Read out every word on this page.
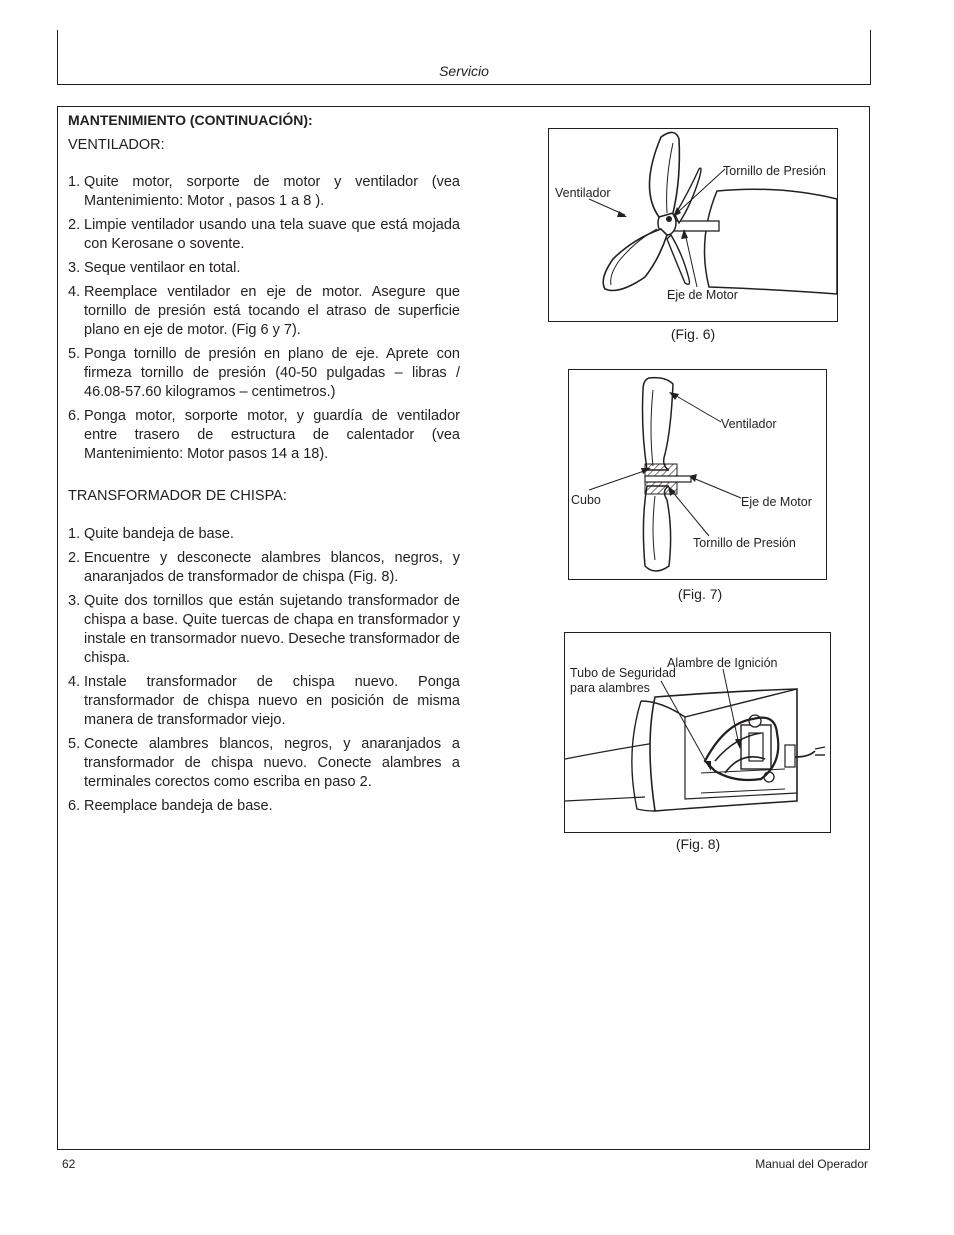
Servicio
MANTENIMIENTO (CONTINUACIÓN):
VENTILADOR:
1. Quite motor, sorporte de motor y ventilador (vea Mantenimiento: Motor , pasos 1 a 8 ).
2. Limpie ventilador usando una tela suave que está mojada con Kerosane o sovente.
3. Seque ventilaor en total.
4. Reemplace ventilador en eje de motor. Asegure que tornillo de presión está tocando el atraso de superficie plano en eje de motor. (Fig 6 y 7).
5. Ponga tornillo de presión en plano de eje. Aprete con firmeza tornillo de presión (40-50 pulgadas – libras / 46.08-57.60 kilogramos – centimetros.)
6. Ponga motor, sorporte motor, y guardía de ventilador entre trasero de estructura de calentador (vea Mantenimiento: Motor pasos 14 a 18).
TRANSFORMADOR DE CHISPA:
1. Quite bandeja de base.
2. Encuentre y desconecte alambres blancos, negros, y anaranjados de transformador de chispa (Fig. 8).
3. Quite dos tornillos que están sujetando transformador de chispa a base. Quite tuercas de chapa en transformador y instale en transormador nuevo. Deseche transformador de chispa.
4. Instale transformador de chispa nuevo. Ponga transformador de chispa nuevo en posición de misma manera de transformador viejo.
5. Conecte alambres blancos, negros, y anaranjados a transformador de chispa nuevo. Conecte alambres a terminales corectos como escriba en paso 2.
6. Reemplace bandeja de base.
Ventilador
Tornillo de Presión
Eje de Motor
(Fig. 6)
Ventilador
Cubo	Eje de Motor
Tornillo de Presión
(Fig. 7)
Alambre de Ignición
Tubo de Seguridad
para alambres
(Fig. 8)
62	Manual del Operador
